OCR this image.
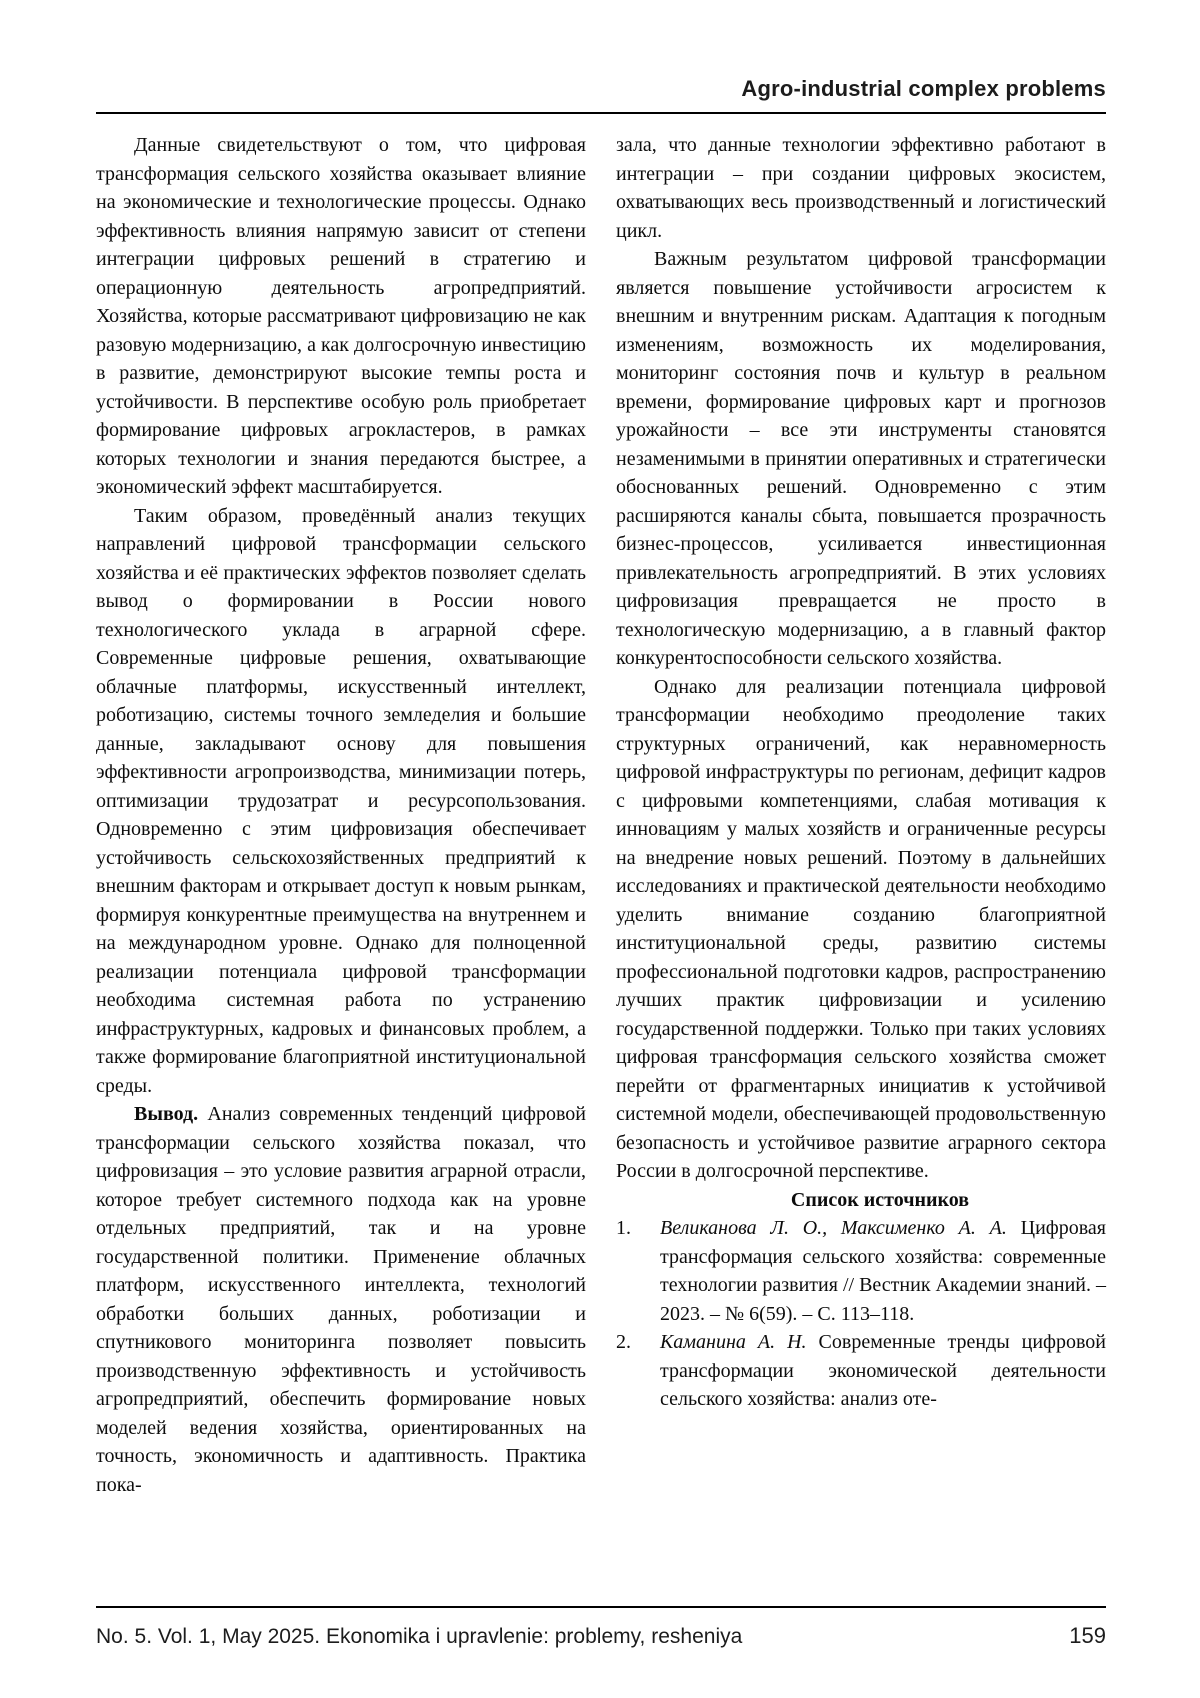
Agro-industrial complex problems

Данные свидетельствуют о том, что цифровая трансформация сельского хозяйства оказывает влияние на экономические и технологические процессы. Однако эффективность влияния напрямую зависит от степени интеграции цифровых решений в стратегию и операционную деятельность агропредприятий. Хозяйства, которые рассматривают цифровизацию не как разовую модернизацию, а как долгосрочную инвестицию в развитие, демонстрируют высокие темпы роста и устойчивости. В перспективе особую роль приобретает формирование цифровых агрокластеров, в рамках которых технологии и знания передаются быстрее, а экономический эффект масштабируется.

Таким образом, проведённый анализ текущих направлений цифровой трансформации сельского хозяйства и её практических эффектов позволяет сделать вывод о формировании в России нового технологического уклада в аграрной сфере. Современные цифровые решения, охватывающие облачные платформы, искусственный интеллект, роботизацию, системы точного земледелия и большие данные, закладывают основу для повышения эффективности агропроизводства, минимизации потерь, оптимизации трудозатрат и ресурсопользования. Одновременно с этим цифровизация обеспечивает устойчивость сельскохозяйственных предприятий к внешним факторам и открывает доступ к новым рынкам, формируя конкурентные преимущества на внутреннем и на международном уровне. Однако для полноценной реализации потенциала цифровой трансформации необходима системная работа по устранению инфраструктурных, кадровых и финансовых проблем, а также формирование благоприятной институциональной среды.

Вывод. Анализ современных тенденций цифровой трансформации сельского хозяйства показал, что цифровизация – это условие развития аграрной отрасли, которое требует системного подхода как на уровне отдельных предприятий, так и на уровне государственной политики. Применение облачных платформ, искусственного интеллекта, технологий обработки больших данных, роботизации и спутникового мониторинга позволяет повысить производственную эффективность и устойчивость агропредприятий, обеспечить формирование новых моделей ведения хозяйства, ориентированных на точность, экономичность и адаптивность. Практика пока-

зала, что данные технологии эффективно работают в интеграции – при создании цифровых экосистем, охватывающих весь производственный и логистический цикл.

Важным результатом цифровой трансформации является повышение устойчивости агросистем к внешним и внутренним рискам. Адаптация к погодным изменениям, возможность их моделирования, мониторинг состояния почв и культур в реальном времени, формирование цифровых карт и прогнозов урожайности – все эти инструменты становятся незаменимыми в принятии оперативных и стратегически обоснованных решений. Одновременно с этим расширяются каналы сбыта, повышается прозрачность бизнес-процессов, усиливается инвестиционная привлекательность агропредприятий. В этих условиях цифровизация превращается не просто в технологическую модернизацию, а в главный фактор конкурентоспособности сельского хозяйства.

Однако для реализации потенциала цифровой трансформации необходимо преодоление таких структурных ограничений, как неравномерность цифровой инфраструктуры по регионам, дефицит кадров с цифровыми компетенциями, слабая мотивация к инновациям у малых хозяйств и ограниченные ресурсы на внедрение новых решений. Поэтому в дальнейших исследованиях и практической деятельности необходимо уделить внимание созданию благоприятной институциональной среды, развитию системы профессиональной подготовки кадров, распространению лучших практик цифровизации и усилению государственной поддержки. Только при таких условиях цифровая трансформация сельского хозяйства сможет перейти от фрагментарных инициатив к устойчивой системной модели, обеспечивающей продовольственную безопасность и устойчивое развитие аграрного сектора России в долгосрочной перспективе.

Список источников

1.	Великанова Л. О., Максименко А. А. Цифровая трансформация сельского хозяйства: современные технологии развития // Вестник Академии знаний. – 2023. – № 6(59). – С. 113–118.
2.	Каманина А. Н. Современные тренды цифровой трансформации экономической деятельности сельского хозяйства: анализ оте-
No. 5. Vol. 1, May 2025. Ekonomika i upravlenie: problemy, resheniya	159
